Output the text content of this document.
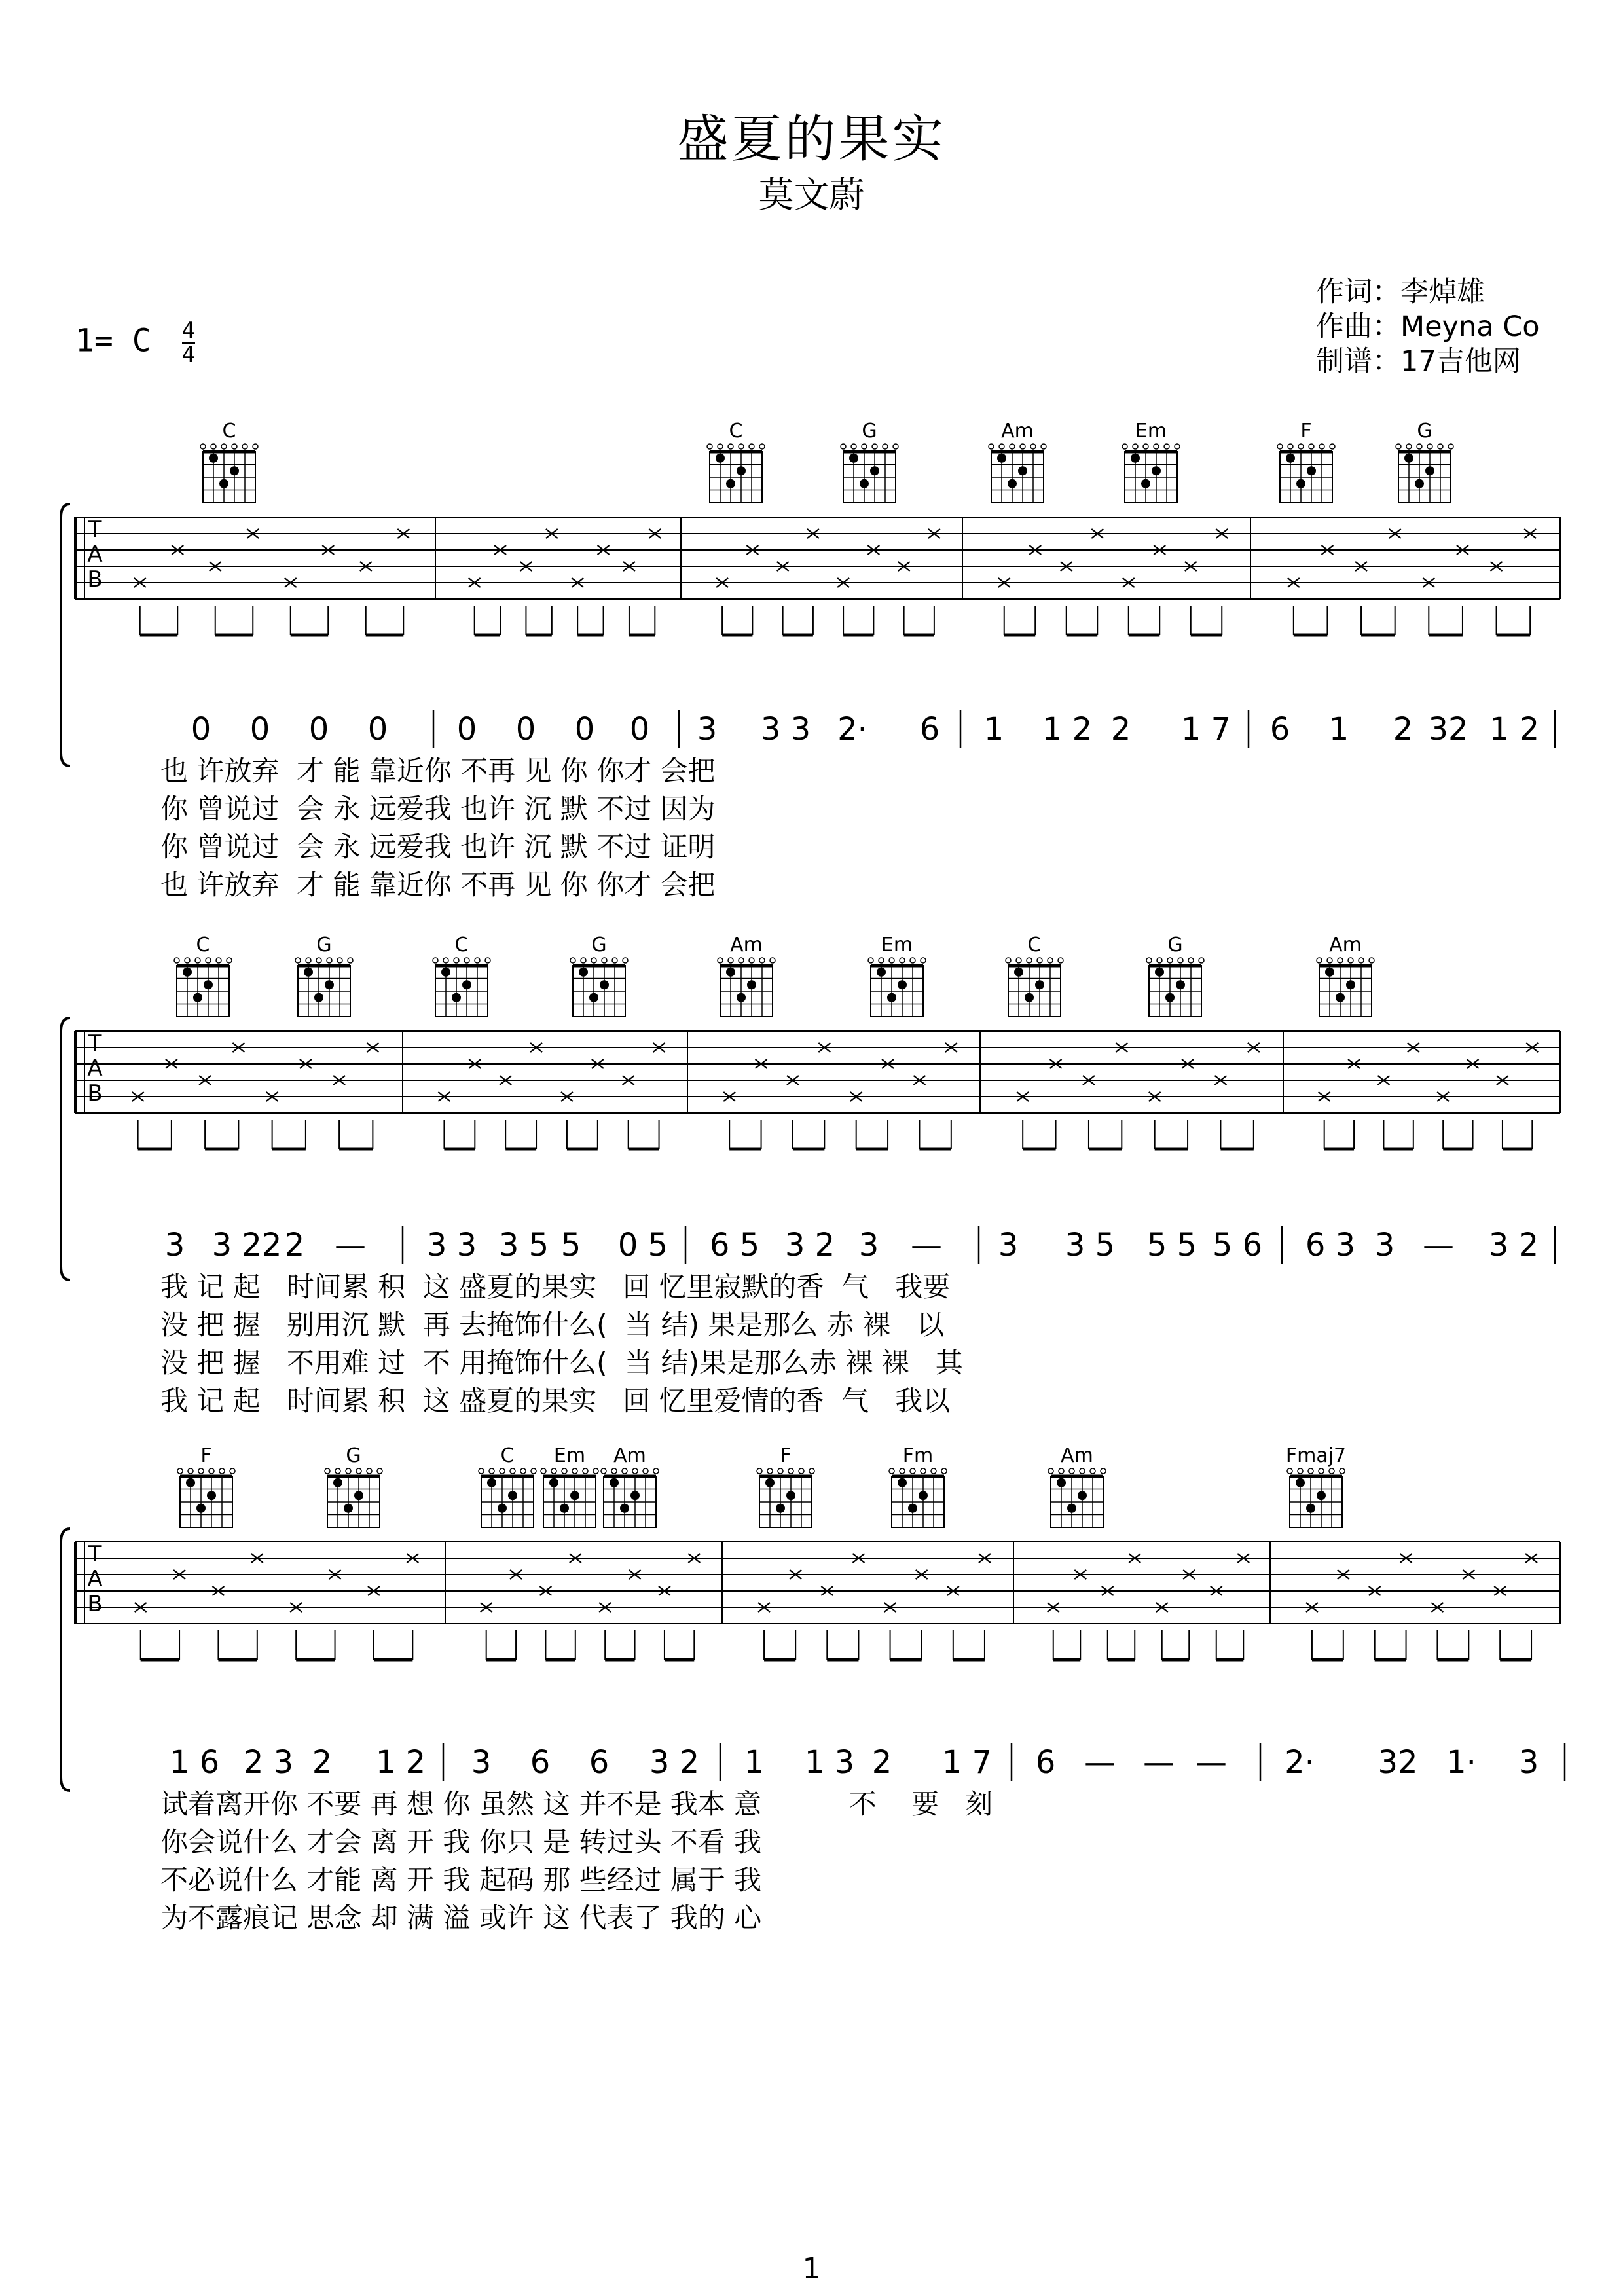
盛夏的果实
莫文蔚
作词：李焯雄
作曲：Meyna Co
制谱：17吉他网
1= C $\frac{4}{4}$
T
A
B
0 0 0 0 0 0 0 0 3 3 3 2· 6 1 1 2 2 1 7 6 1 2 32 1 2
也 许放弃  才 能 靠近你 不再 见 你 你才 会把
你 曾说过  会 永 远爱我 也许 沉 默 不过 因为
你 曾说过  会 永 远爱我 也许 沉 默 不过 证明
也 许放弃  才 能 靠近你 不再 见 你 你才 会把
C	C	G	Am	Em	F	G
T
A
B
3 3 22 2 — 3 3 3 5 5 0 5 6 5 3 2 3 — 3 3 5 5 5 5 6 6 3 3 — 3 2
我 记 起   时间累 积  这 盛夏的果实   回 忆里寂默的香  气   我要
没 把 握   别用沉 默  再 去掩饰什么(  当 结) 果是那么 赤 裸   以
没 把 握   不用难 过  不 用掩饰什么(  当 结)果是那么赤 裸 裸   其
我 记 起   时间累 积  这 盛夏的果实   回 忆里爱情的香  气   我以
C	G	C	G	Am	Em	C	G	Am
T
A
B
1 6 2 3 2 1 2 3 6 6 3 2 1 1 3 2 1 7 6 — — — 2· 32 1· 3
试着离开你 不要 再 想 你 虽然 这 并不是 我本 意          不    要   刻
你会说什么 才会 离 开 我 你只 是 转过头 不看 我
不必说什么 才能 离 开 我 起码 那 些经过 属于 我
为不露痕记 思念 却 满 溢 或许 这 代表了 我的 心
F	G	C Em Am	F	Fm	Am	Fmaj7
1
